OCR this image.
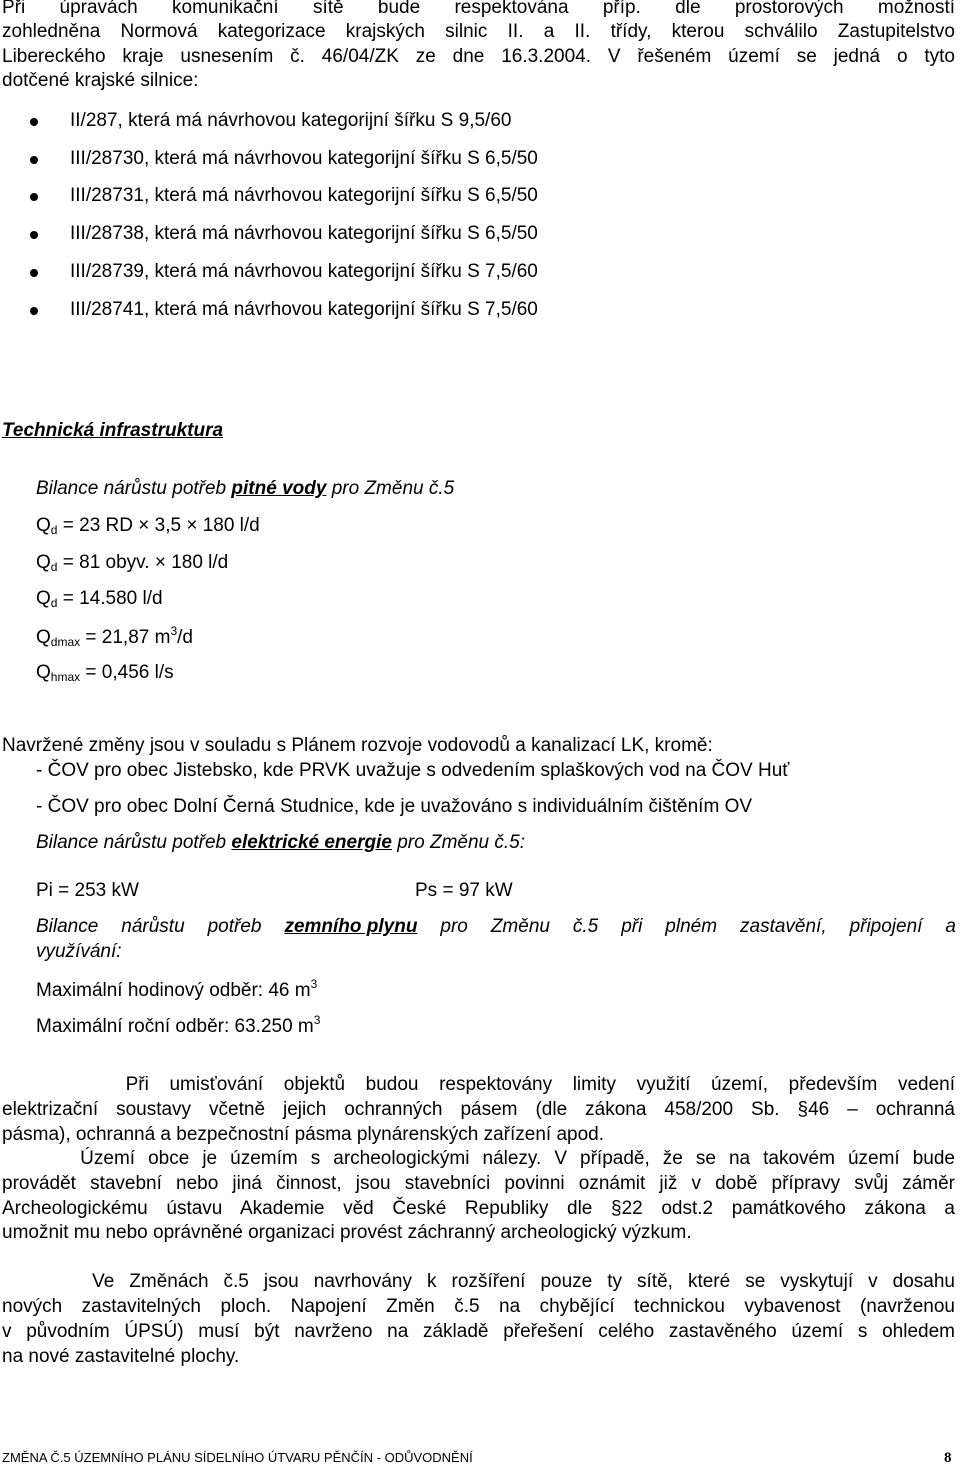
Při úpravách komunikační sítě bude respektována příp. dle prostorových možností
zohledněna Normová kategorizace krajských silnic II. a II. třídy, kterou schválilo Zastupitelstvo
Libereckého kraje usnesením č. 46/04/ZK ze dne 16.3.2004. V řešeném území se jedná o tyto
dotčené krajské silnice:
II/287, která má návrhovou kategorijní šířku S 9,5/60
III/28730, která má návrhovou kategorijní šířku S 6,5/50
III/28731, která má návrhovou kategorijní šířku S 6,5/50
III/28738, která má návrhovou kategorijní šířku S 6,5/50
III/28739, která má návrhovou kategorijní šířku S 7,5/60
III/28741, která má návrhovou kategorijní šířku S 7,5/60
Technická infrastruktura
Bilance nárůstu potřeb pitné vody pro Změnu č.5
$Q_d = 23$ RD × 3,5 × 180 l/d
$Q_d = 81$ obyv. × 180 l/d
$Q_d = 14.580$ l/d
$Q_{dmax} = 21,87$ $m^3/d$
$Q_{hmax} = 0,456$ l/s
Navržené změny jsou v souladu s Plánem rozvoje vodovodů a kanalizací LK, kromě:
- ČOV pro obec Jistebsko, kde PRVK uvažuje s odvedením splaškových vod na ČOV Huť
- ČOV pro obec Dolní Černá Studnice, kde je uvažováno s individuálním čištěním OV
Bilance nárůstu potřeb elektrické energie pro Změnu č.5:
Pi = 253 kW	Ps = 97 kW
Bilance nárůstu potřeb zemního plynu pro Změnu č.5 při plném zastavění, připojení a
využívání:
Maximální hodinový odběr: 46 $m^3$
Maximální roční odběr: 63.250 $m^3$
Při umisťování objektů budou respektovány limity využití území, především vedení
elektrizační soustavy včetně jejich ochranných pásem (dle zákona 458/200 Sb. §46 – ochranná
pásma), ochranná a bezpečnostní pásma plynárenských zařízení apod.
Území obce je územím s archeologickými nálezy. V případě, že se na takovém území bude
provádět stavební nebo jiná činnost, jsou stavebníci povinni oznámit již v době přípravy svůj záměr
Archeologickému ústavu Akademie věd České Republiky dle §22 odst.2 památkového zákona a
umožnit mu nebo oprávněné organizaci provést záchranný archeologický výzkum.
Ve Změnách č.5 jsou navrhovány k rozšíření pouze ty sítě, které se vyskytují v dosahu
nových zastavitelných ploch. Napojení Změn č.5 na chybějící technickou vybavenost (navrženou
v původním ÚPSÚ) musí být navrženo na základě přeřešení celého zastavěného území s ohledem
na nové zastavitelné plochy.
ZMĚNA Č.5 ÚZEMNÍHO PLÁNU SÍDELNÍHO ÚTVARU PĚNČÍN - ODŮVODNĚNÍ	8
